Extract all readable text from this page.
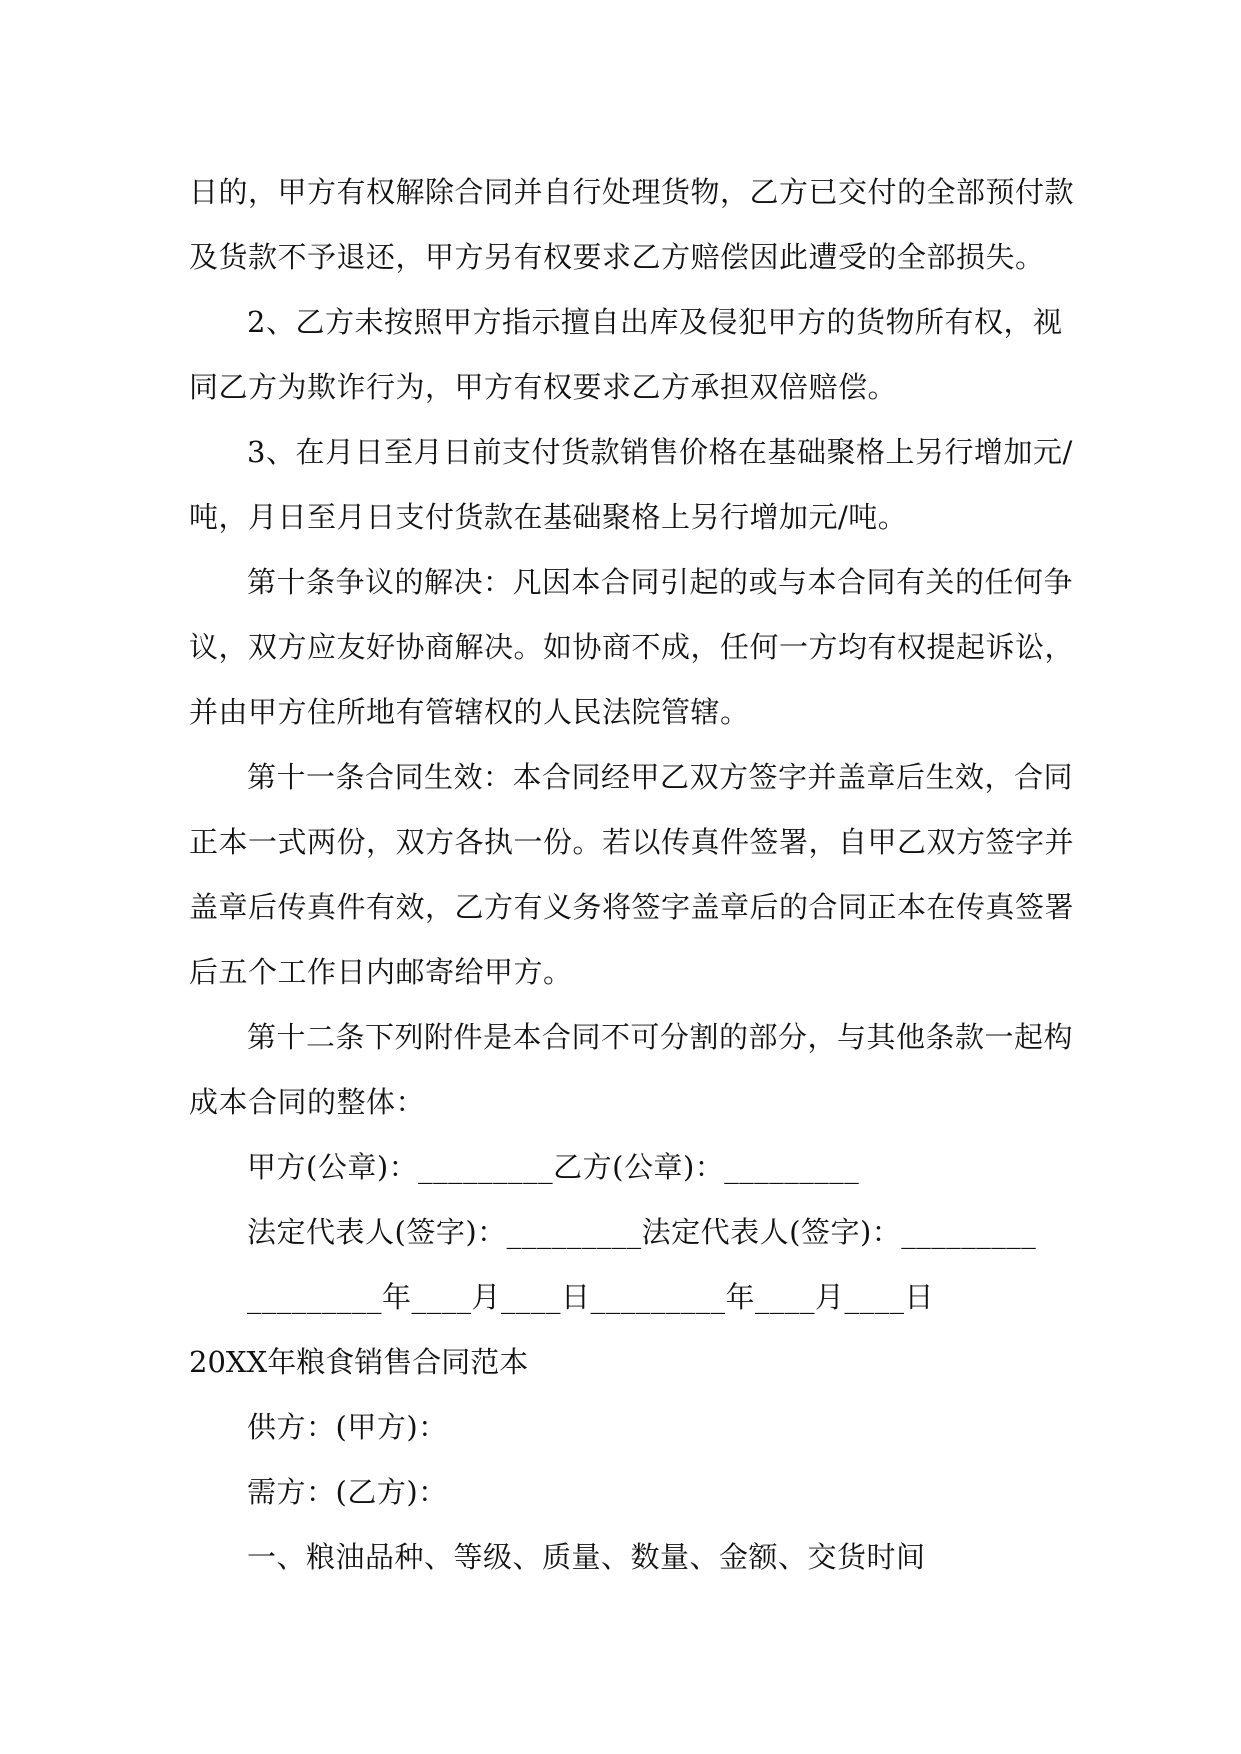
日的，甲方有权解除合同并自行处理货物，乙方已交付的全部预付款
及货款不予退还，甲方另有权要求乙方赔偿因此遭受的全部损失。
2、乙方未按照甲方指示擅自出库及侵犯甲方的货物所有权，视
同乙方为欺诈行为，甲方有权要求乙方承担双倍赔偿。
3、在月日至月日前支付货款销售价格在基础聚格上另行增加元/
吨，月日至月日支付货款在基础聚格上另行增加元/吨。
第十条争议的解决：凡因本合同引起的或与本合同有关的任何争
议，双方应友好协商解决。如协商不成，任何一方均有权提起诉讼，
并由甲方住所地有管辖权的人民法院管辖。
第十一条合同生效：本合同经甲乙双方签字并盖章后生效，合同
正本一式两份，双方各执一份。若以传真件签署，自甲乙双方签字并
盖章后传真件有效，乙方有义务将签字盖章后的合同正本在传真签署
后五个工作日内邮寄给甲方。
第十二条下列附件是本合同不可分割的部分，与其他条款一起构
成本合同的整体：
甲方(公章)：_________乙方(公章)：_________
法定代表人(签字)：_________法定代表人(签字)：_________
_________年____月____日_________年____月____日
20XX年粮食销售合同范本
供方：(甲方)：
需方：(乙方)：
一、粮油品种、等级、质量、数量、金额、交货时间
